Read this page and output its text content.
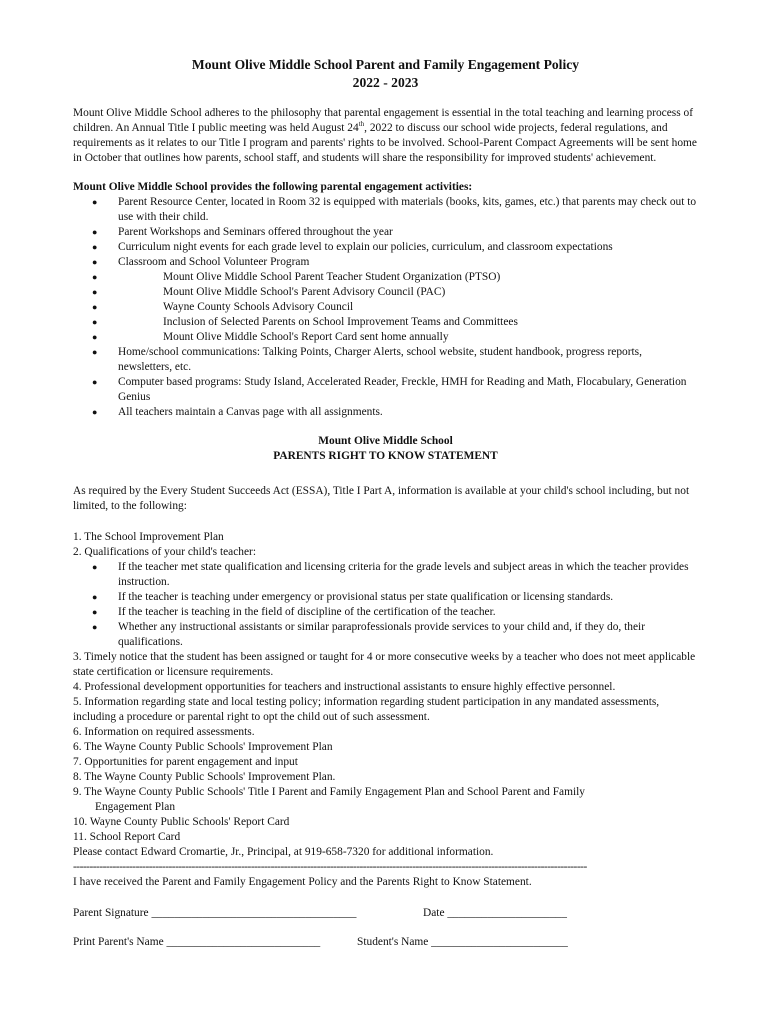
Mount Olive Middle School Parent and Family Engagement Policy
2022 - 2023

Mount Olive Middle School adheres to the philosophy that parental engagement is essential in the total teaching and learning process of children. An Annual Title I public meeting was held August 24th, 2022 to discuss our school wide projects, federal regulations, and requirements as it relates to our Title I program and parents' rights to be involved. School-Parent Compact Agreements will be sent home in October that outlines how parents, school staff, and students will share the responsibility for improved students' achievement.

Mount Olive Middle School provides the following parental engagement activities:

● Parent Resource Center, located in Room 32 is equipped with materials (books, kits, games, etc.) that parents may check out to use with their child.
● Parent Workshops and Seminars offered throughout the year
● Curriculum night events for each grade level to explain our policies, curriculum, and classroom expectations
● Classroom and School Volunteer Program
● Mount Olive Middle School Parent Teacher Student Organization (PTSO)
● Mount Olive Middle School's Parent Advisory Council (PAC)
● Wayne County Schools Advisory Council
● Inclusion of Selected Parents on School Improvement Teams and Committees
● Mount Olive Middle School's Report Card sent home annually
● Home/school communications: Talking Points, Charger Alerts, school website, student handbook, progress reports, newsletters, etc.
● Computer based programs: Study Island, Accelerated Reader, Freckle, HMH for Reading and Math, Flocabulary, Generation Genius
● All teachers maintain a Canvas page with all assignments.

Mount Olive Middle School

PARENTS RIGHT TO KNOW STATEMENT

As required by the Every Student Succeeds Act (ESSA), Title I Part A, information is available at your child's school including, but not limited, to the following:

1. The School Improvement Plan

2. Qualifications of your child's teacher:

● If the teacher met state qualification and licensing criteria for the grade levels and subject areas in which the teacher provides instruction.
● If the teacher is teaching under emergency or provisional status per state qualification or licensing standards.
● If the teacher is teaching in the field of discipline of the certification of the teacher.
● Whether any instructional assistants or similar paraprofessionals provide services to your child and, if they do, their qualifications.

3. Timely notice that the student has been assigned or taught for 4 or more consecutive weeks by a teacher who does not meet applicable state certification or licensure requirements.

4. Professional development opportunities for teachers and instructional assistants to ensure highly effective personnel.

5. Information regarding state and local testing policy; information regarding student participation in any mandated assessments, including a procedure or parental right to opt the child out of such assessment.

6. Information on required assessments.

6. The Wayne County Public Schools' Improvement Plan

7. Opportunities for parent engagement and input

8. The Wayne County Public Schools' Improvement Plan.

9. The Wayne County Public Schools' Title I Parent and Family Engagement Plan and School Parent and Family

Engagement Plan

10. Wayne County Public Schools' Report Card

11. School Report Card

Please contact Edward Cromartie, Jr., Principal, at 919-658-7320 for additional information.

------------------------------------------------------------------------------------------------------------------------------------------------------------

I have received the Parent and Family Engagement Policy and the Parents Right to Know Statement.

Parent Signature ____________________________________	Date _____________________
Print Parent's Name ___________________________	Student's Name ________________________
